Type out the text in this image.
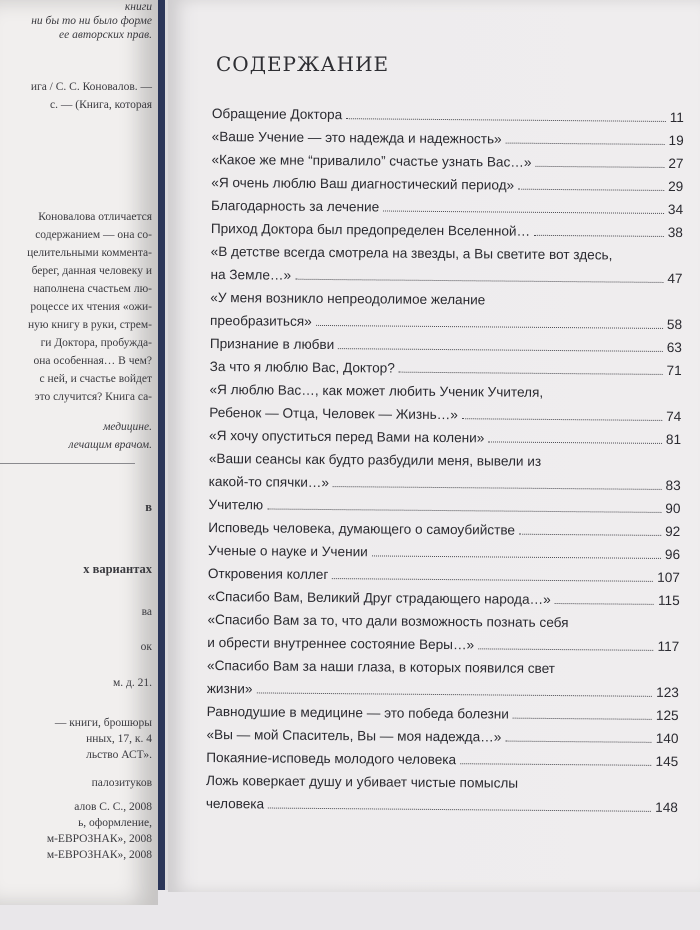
книги
ни бы то ни было форме
ее авторских прав.
ига / С. С. Коновалов. —
с. — (Книга, которая
Коновалова отличается
содержанием — она со-
целительными коммента-
берег, данная человеку и
наполнена счастьем лю-
роцессе их чтения «ожи-
ную книгу в руки, стрем-
ги Доктора, пробужда-
она особенная… В чем?
с ней, и счастье войдет
это случится? Книга са-
медицине.
лечащим врачом.
в
х вариантах
ва
ок
м. д. 21.
— книги, брошюры
нных, 17, к. 4
льство АСТ».
палозитуков
алов С. С., 2008
ь, оформление,
м-ЕВРОЗНАК», 2008
м-ЕВРОЗНАК», 2008
содержание
Обращение Доктора	11
«Ваше Учение — это надежда и надежность»	19
«Какое же мне “привалило” счастье узнать Вас…»	27
«Я очень люблю Ваш диагностический период»	29
Благодарность за лечение	34
Приход Доктора был предопределен Вселенной…	38
«В детстве всегда смотрела на звезды, а Вы светите вот здесь,
на Земле…»	47
«У меня возникло непреодолимое желание
преобразиться»	58
Признание в любви	63
За что я люблю Вас, Доктор?	71
«Я люблю Вас…, как может любить Ученик Учителя,
Ребенок — Отца, Человек — Жизнь…»	74
«Я хочу опуститься перед Вами на колени»	81
«Ваши сеансы как будто разбудили меня, вывели из
какой-то спячки…»	83
Учителю	90
Исповедь человека, думающего о самоубийстве	92
Ученые о науке и Учении	96
Откровения коллег	107
«Спасибо Вам, Великий Друг страдающего народа…»	115
«Спасибо Вам за то, что дали возможность познать себя
и обрести внутреннее состояние Веры…»	117
«Спасибо Вам за наши глаза, в которых появился свет
жизни»	123
Равнодушие в медицине — это победа болезни	125
«Вы — мой Спаситель, Вы — моя надежда…»	140
Покаяние-исповедь молодого человека	145
Ложь коверкает душу и убивает чистые помыслы
человека	148
